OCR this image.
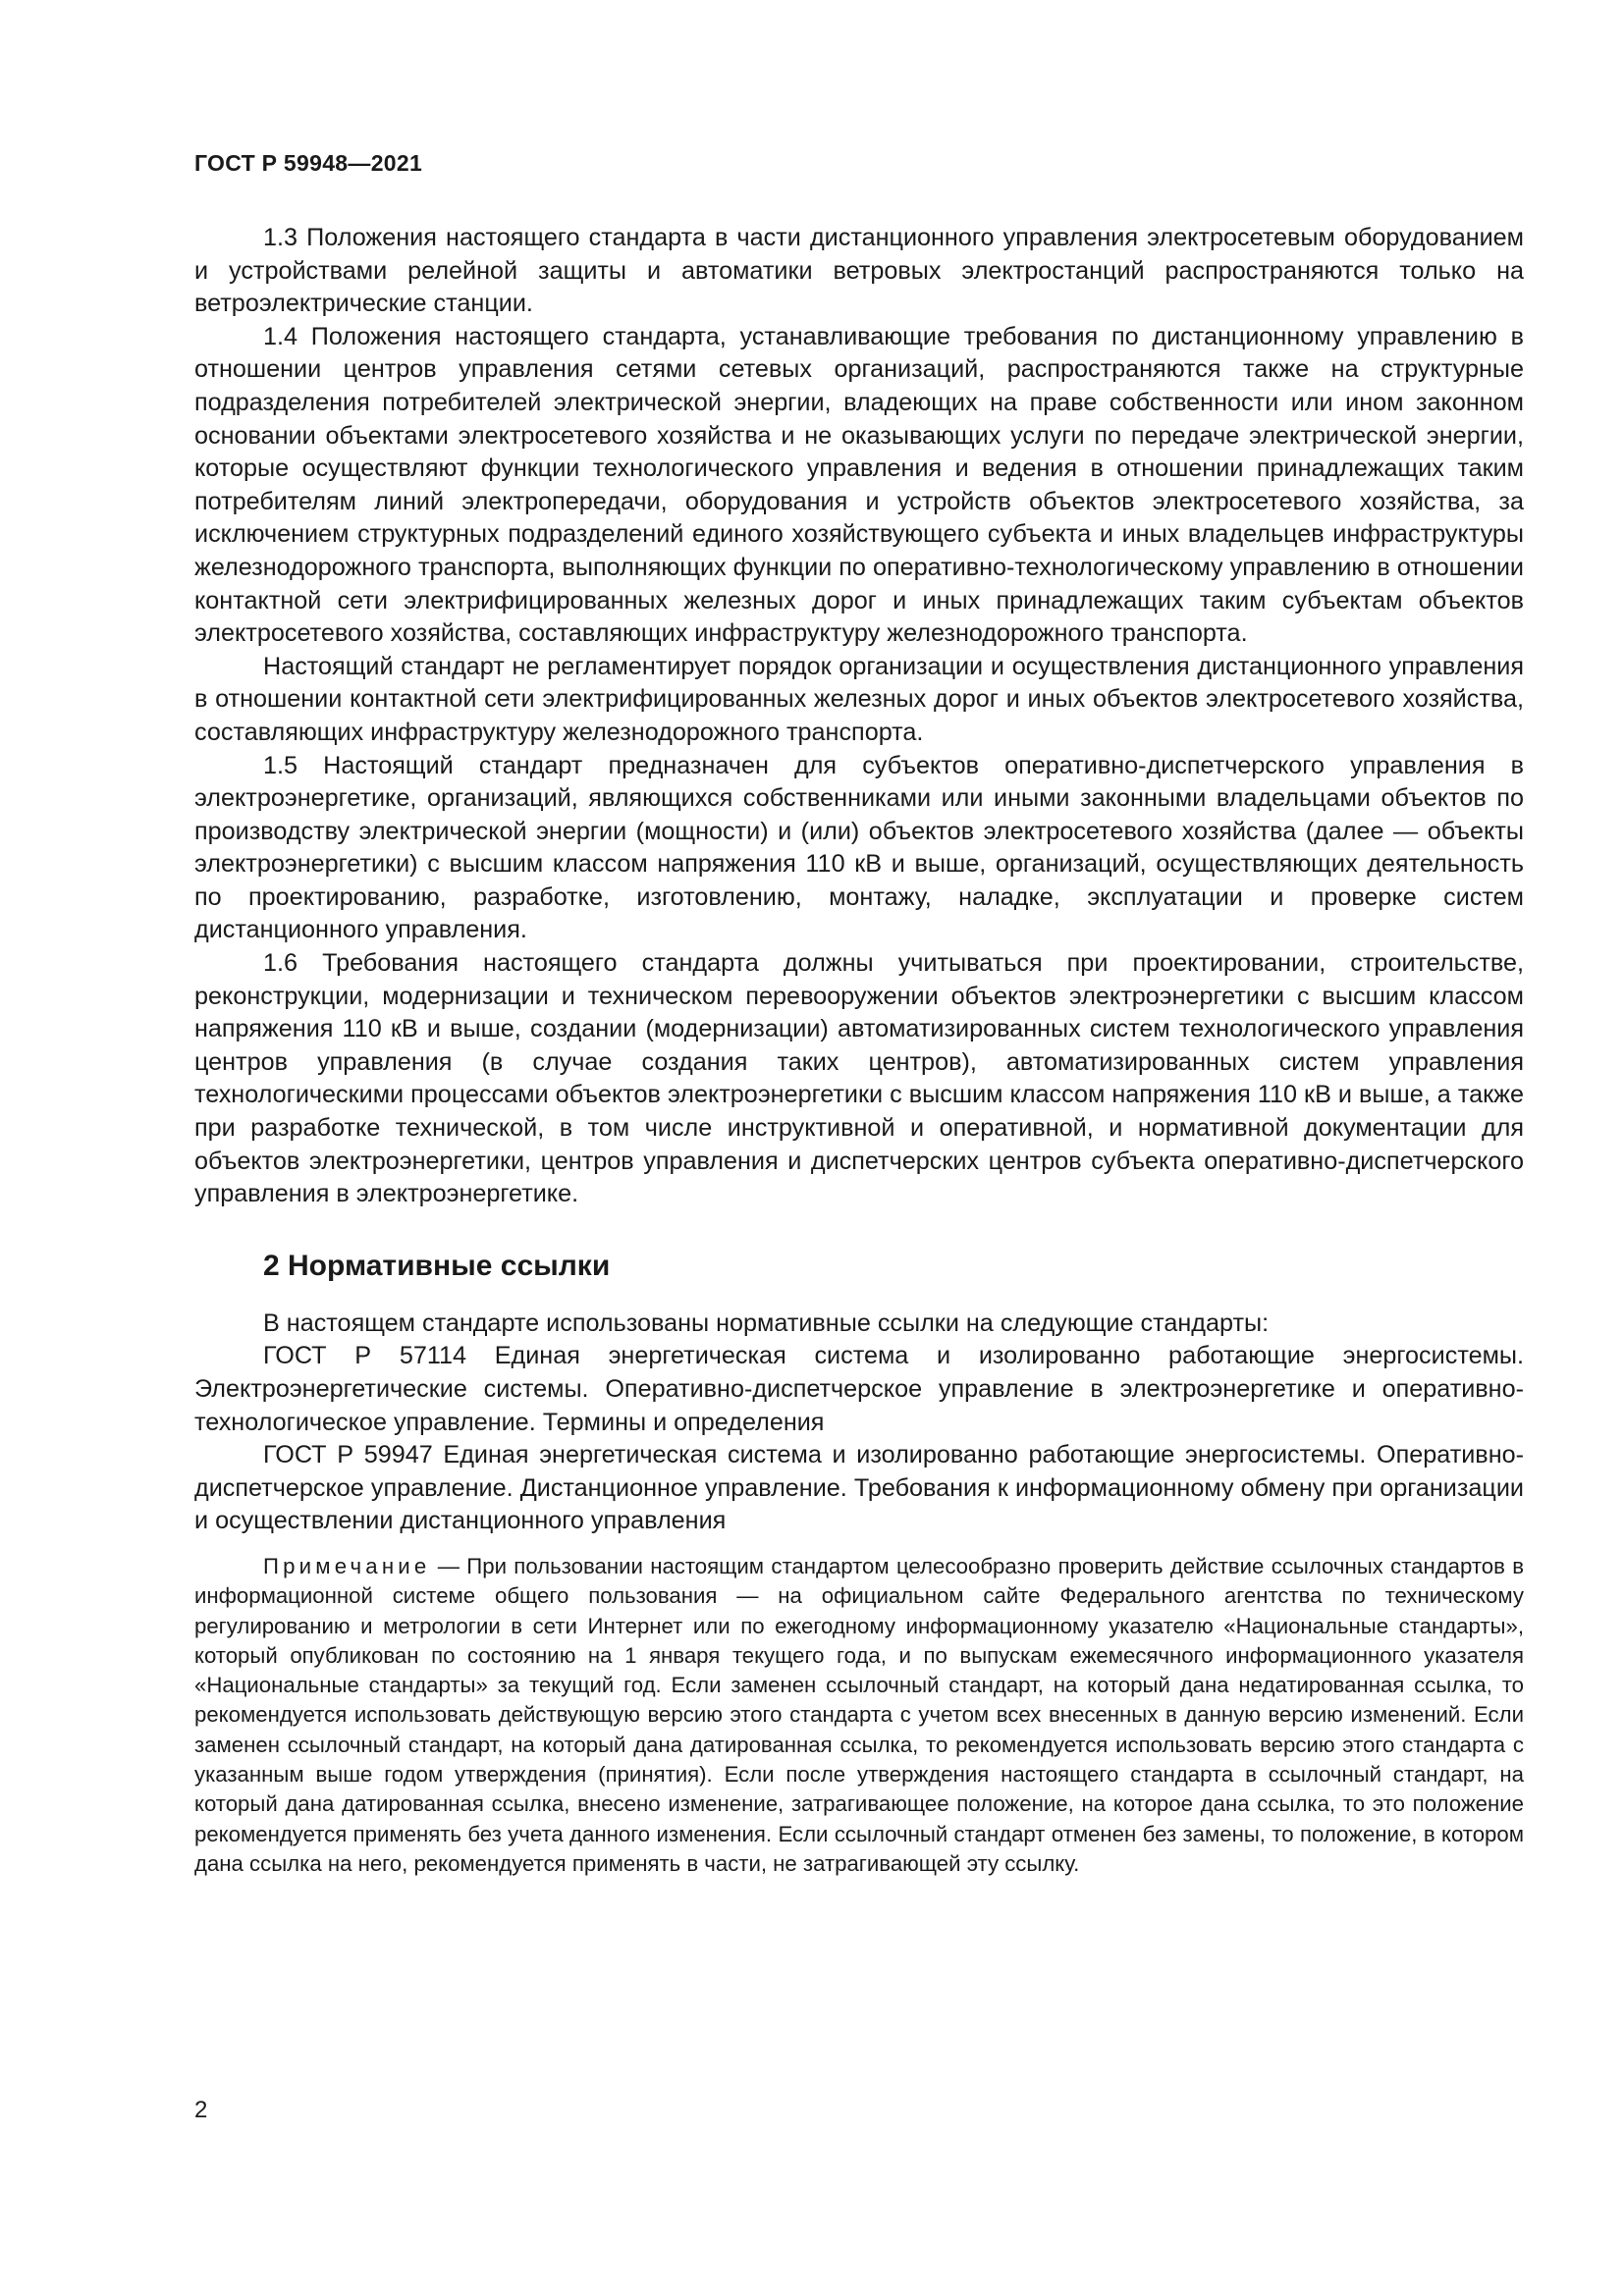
ГОСТ Р 59948—2021

1.3 Положения настоящего стандарта в части дистанционного управления электросетевым оборудованием и устройствами релейной защиты и автоматики ветровых электростанций распространяются только на ветроэлектрические станции.

1.4 Положения настоящего стандарта, устанавливающие требования по дистанционному управлению в отношении центров управления сетями сетевых организаций, распространяются также на структурные подразделения потребителей электрической энергии, владеющих на праве собственности или ином законном основании объектами электросетевого хозяйства и не оказывающих услуги по передаче электрической энергии, которые осуществляют функции технологического управления и ведения в отношении принадлежащих таким потребителям линий электропередачи, оборудования и устройств объектов электросетевого хозяйства, за исключением структурных подразделений единого хозяйствующего субъекта и иных владельцев инфраструктуры железнодорожного транспорта, выполняющих функции по оперативно-технологическому управлению в отношении контактной сети электрифицированных железных дорог и иных принадлежащих таким субъектам объектов электросетевого хозяйства, составляющих инфраструктуру железнодорожного транспорта.

Настоящий стандарт не регламентирует порядок организации и осуществления дистанционного управления в отношении контактной сети электрифицированных железных дорог и иных объектов электросетевого хозяйства, составляющих инфраструктуру железнодорожного транспорта.

1.5 Настоящий стандарт предназначен для субъектов оперативно-диспетчерского управления в электроэнергетике, организаций, являющихся собственниками или иными законными владельцами объектов по производству электрической энергии (мощности) и (или) объектов электросетевого хозяйства (далее — объекты электроэнергетики) с высшим классом напряжения 110 кВ и выше, организаций, осуществляющих деятельность по проектированию, разработке, изготовлению, монтажу, наладке, эксплуатации и проверке систем дистанционного управления.

1.6 Требования настоящего стандарта должны учитываться при проектировании, строительстве, реконструкции, модернизации и техническом перевооружении объектов электроэнергетики с высшим классом напряжения 110 кВ и выше, создании (модернизации) автоматизированных систем технологического управления центров управления (в случае создания таких центров), автоматизированных систем управления технологическими процессами объектов электроэнергетики с высшим классом напряжения 110 кВ и выше, а также при разработке технической, в том числе инструктивной и оперативной, и нормативной документации для объектов электроэнергетики, центров управления и диспетчерских центров субъекта оперативно-диспетчерского управления в электроэнергетике.

2 Нормативные ссылки

В настоящем стандарте использованы нормативные ссылки на следующие стандарты:

ГОСТ Р 57114 Единая энергетическая система и изолированно работающие энергосистемы. Электроэнергетические системы. Оперативно-диспетчерское управление в электроэнергетике и оперативно-технологическое управление. Термины и определения

ГОСТ Р 59947 Единая энергетическая система и изолированно работающие энергосистемы. Оперативно-диспетчерское управление. Дистанционное управление. Требования к информационному обмену при организации и осуществлении дистанционного управления

Примечание — При пользовании настоящим стандартом целесообразно проверить действие ссылочных стандартов в информационной системе общего пользования — на официальном сайте Федерального агентства по техническому регулированию и метрологии в сети Интернет или по ежегодному информационному указателю «Национальные стандарты», который опубликован по состоянию на 1 января текущего года, и по выпускам ежемесячного информационного указателя «Национальные стандарты» за текущий год. Если заменен ссылочный стандарт, на который дана недатированная ссылка, то рекомендуется использовать действующую версию этого стандарта с учетом всех внесенных в данную версию изменений. Если заменен ссылочный стандарт, на который дана датированная ссылка, то рекомендуется использовать версию этого стандарта с указанным выше годом утверждения (принятия). Если после утверждения настоящего стандарта в ссылочный стандарт, на который дана датированная ссылка, внесено изменение, затрагивающее положение, на которое дана ссылка, то это положение рекомендуется применять без учета данного изменения. Если ссылочный стандарт отменен без замены, то положение, в котором дана ссылка на него, рекомендуется применять в части, не затрагивающей эту ссылку.

2
